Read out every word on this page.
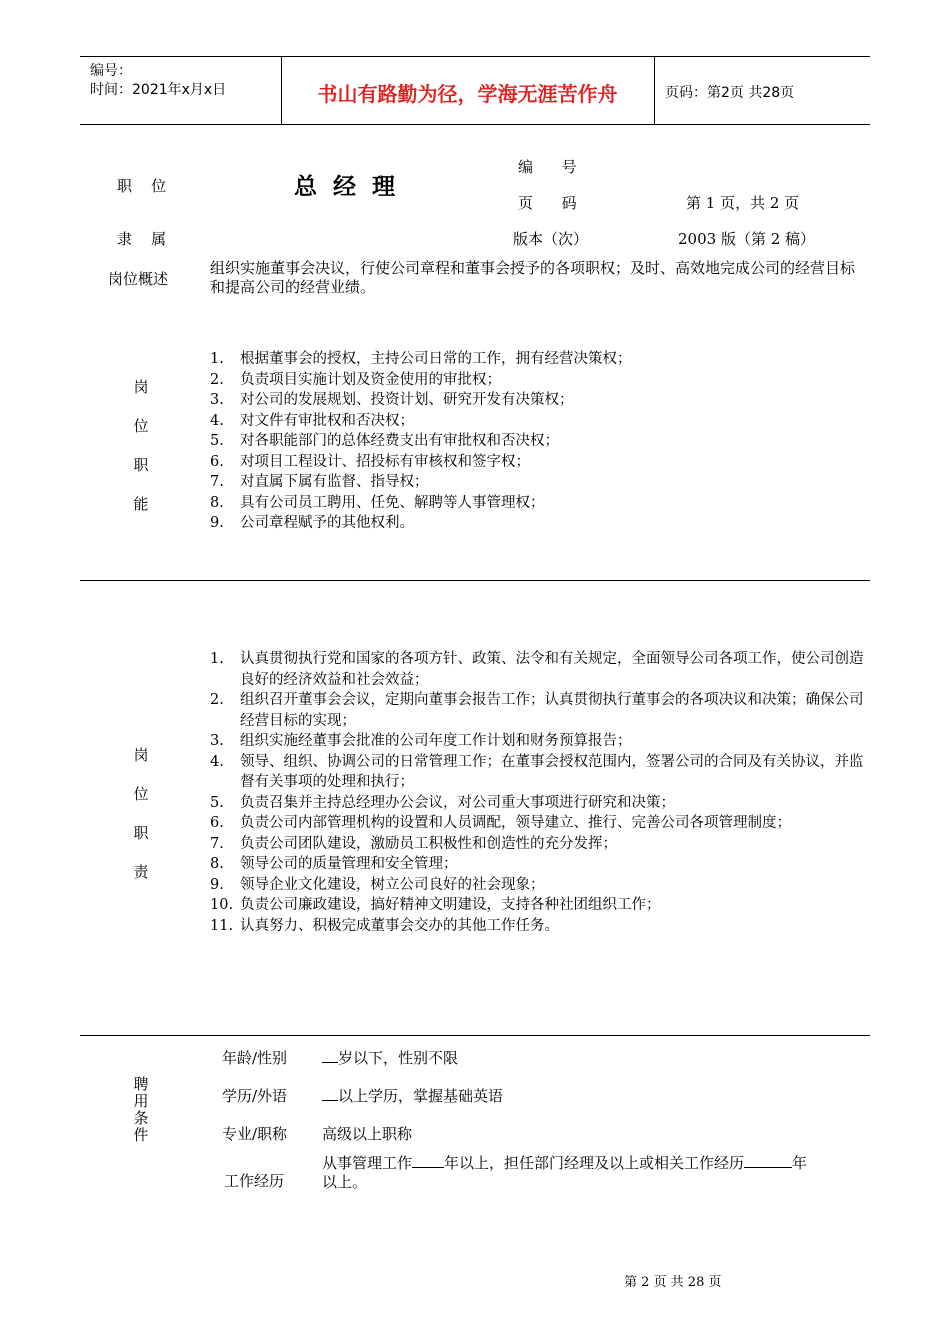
编号：
时间：2021年x月x日	书山有路勤为径，学海无涯苦作舟	页码：第2页 共28页
职    位	总 经 理
编      号
页      码	第 1 页，共 2 页
隶    属	版本（次）	2003 版（第 2 稿）
岗位概述
组织实施董事会决议，行使公司章程和董事会授予的各项职权；及时、高效地完成公司的经营目标和提高公司的经营业绩。
岗
位
职
能
1.	根据董事会的授权，主持公司日常的工作，拥有经营决策权；
2.	负责项目实施计划及资金使用的审批权；
3.	对公司的发展规划、投资计划、研究开发有决策权；
4.	对文件有审批权和否决权；
5.	对各职能部门的总体经费支出有审批权和否决权；
6.	对项目工程设计、招投标有审核权和签字权；
7.	对直属下属有监督、指导权；
8.	具有公司员工聘用、任免、解聘等人事管理权；
9.	公司章程赋予的其他权利。
岗
位
职
责
1.	认真贯彻执行党和国家的各项方针、政策、法令和有关规定，全面领导公司各项工作，使公司创造良好的经济效益和社会效益；
2.	组织召开董事会会议，定期向董事会报告工作；认真贯彻执行董事会的各项决议和决策；确保公司经营目标的实现；
3.	组织实施经董事会批准的公司年度工作计划和财务预算报告；
4.	领导、组织、协调公司的日常管理工作；在董事会授权范围内，签署公司的合同及有关协议，并监督有关事项的处理和执行；
5.	负责召集并主持总经理办公会议，对公司重大事项进行研究和决策；
6.	负责公司内部管理机构的设置和人员调配，领导建立、推行、完善公司各项管理制度；
7.	负责公司团队建设，激励员工积极性和创造性的充分发挥；
8.	领导公司的质量管理和安全管理；
9.	领导企业文化建设，树立公司良好的社会现象；
10. 负责公司廉政建设，搞好精神文明建设，支持各种社团组织工作；
11. 认真努力、积极完成董事会交办的其他工作任务。
聘
用
条
件
年龄/性别	岁以下，性别不限
学历/外语	以上学历，掌握基础英语
专业/职称 高级以上职称
工作经历
从事管理工作 年以上，担任部门经理及以上或相关工作经历	年
以上。
第 2 页 共 28 页
